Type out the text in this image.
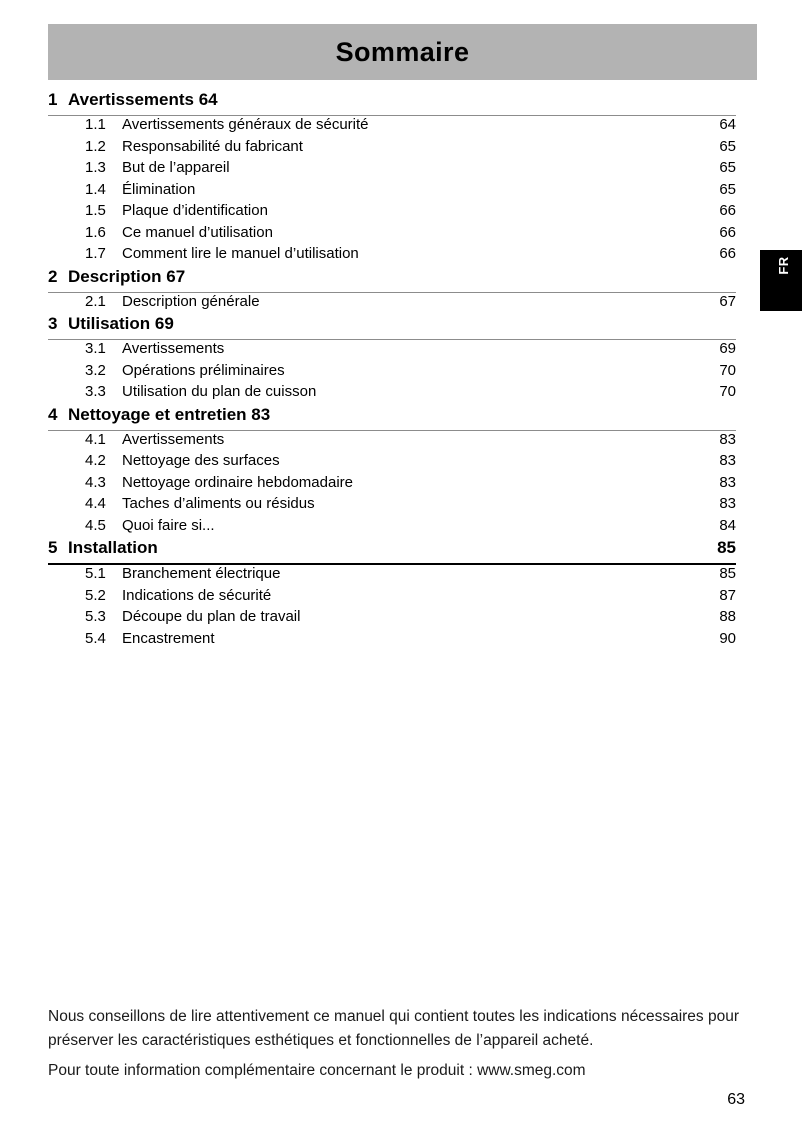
Sommaire
FR
1 Avertissements 64
1.1	Avertissements généraux de sécurité	64
1.2	Responsabilité du fabricant	65
1.3	But de l’appareil	65
1.4	Élimination	65
1.5	Plaque d’identification	66
1.6	Ce manuel d’utilisation	66
1.7	Comment lire le manuel d’utilisation	66
2 Description 67
2.1	Description générale	67
3 Utilisation 69
3.1	Avertissements	69
3.2	Opérations préliminaires	70
3.3	Utilisation du plan de cuisson	70
4 Nettoyage et entretien 83
4.1	Avertissements	83
4.2	Nettoyage des surfaces	83
4.3	Nettoyage ordinaire hebdomadaire	83
4.4	Taches d’aliments ou résidus	83
4.5	Quoi faire si...	84
5 Installation	85
5.1	Branchement électrique	85
5.2	Indications de sécurité	87
5.3	Découpe du plan de travail	88
5.4	Encastrement	90

Nous conseillons de lire attentivement ce manuel qui contient toutes les indications nécessaires pour préserver les caractéristiques esthétiques et fonctionnelles de l’appareil acheté.

Pour toute information complémentaire concernant le produit : www.smeg.com

63
